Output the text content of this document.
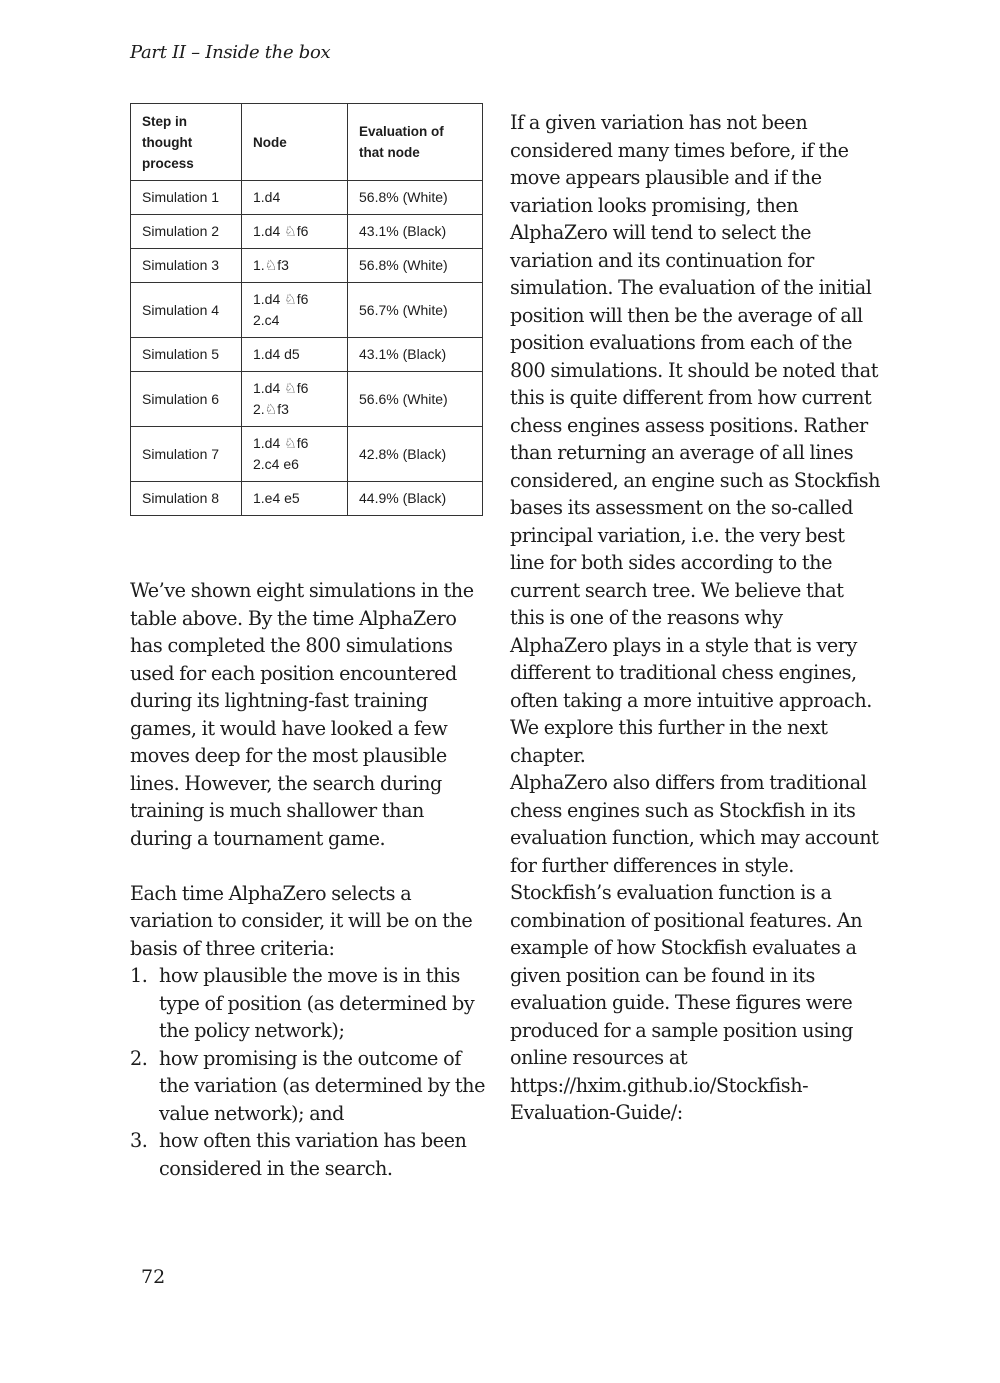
Part II – Inside the box
Step in thought process	Node	Evaluation of that node
Simulation 1	1.d4	56.8% (White)
Simulation 2	1.d4 ♘f6	43.1% (Black)
Simulation 3	1.♘f3	56.8% (White)
Simulation 4	1.d4 ♘f6 2.c4	56.7% (White)
Simulation 5	1.d4 d5	43.1% (Black)
Simulation 6	1.d4 ♘f6 2.♘f3	56.6% (White)
Simulation 7	1.d4 ♘f6 2.c4 e6	42.8% (Black)
Simulation 8	1.e4 e5	44.9% (Black)

We’ve shown eight simulations in the table above. By the time AlphaZero has completed the 800 simulations used for each position encountered during its lightning-fast training games, it would have looked a few moves deep for the most plausible lines. However, the search during training is much shallower than during a tournament game.

Each time AlphaZero selects a variation to consider, it will be on the basis of three criteria:

1. how plausible the move is in this type of position (as determined by the policy network);
2. how promising is the outcome of the variation (as determined by the value network); and
3. how often this variation has been considered in the search.

If a given variation has not been considered many times before, if the move appears plausible and if the variation looks promising, then AlphaZero will tend to select the variation and its continuation for simulation. The evaluation of the initial position will then be the average of all position evaluations from each of the 800 simulations. It should be noted that this is quite different from how current chess engines assess positions. Rather than returning an average of all lines considered, an engine such as Stockfish bases its assessment on the so-called principal variation, i.e. the very best line for both sides according to the current search tree. We believe that this is one of the reasons why AlphaZero plays in a style that is very different to traditional chess engines, often taking a more intuitive approach. We explore this further in the next chapter.

AlphaZero also differs from traditional chess engines such as Stockfish in its evaluation function, which may account for further differences in style. Stockfish’s evaluation function is a combination of positional features. An example of how Stockfish evaluates a given position can be found in its evaluation guide. These figures were produced for a sample position using online resources at https://hxim.github.io/Stockfish-Evaluation-Guide/:

72
